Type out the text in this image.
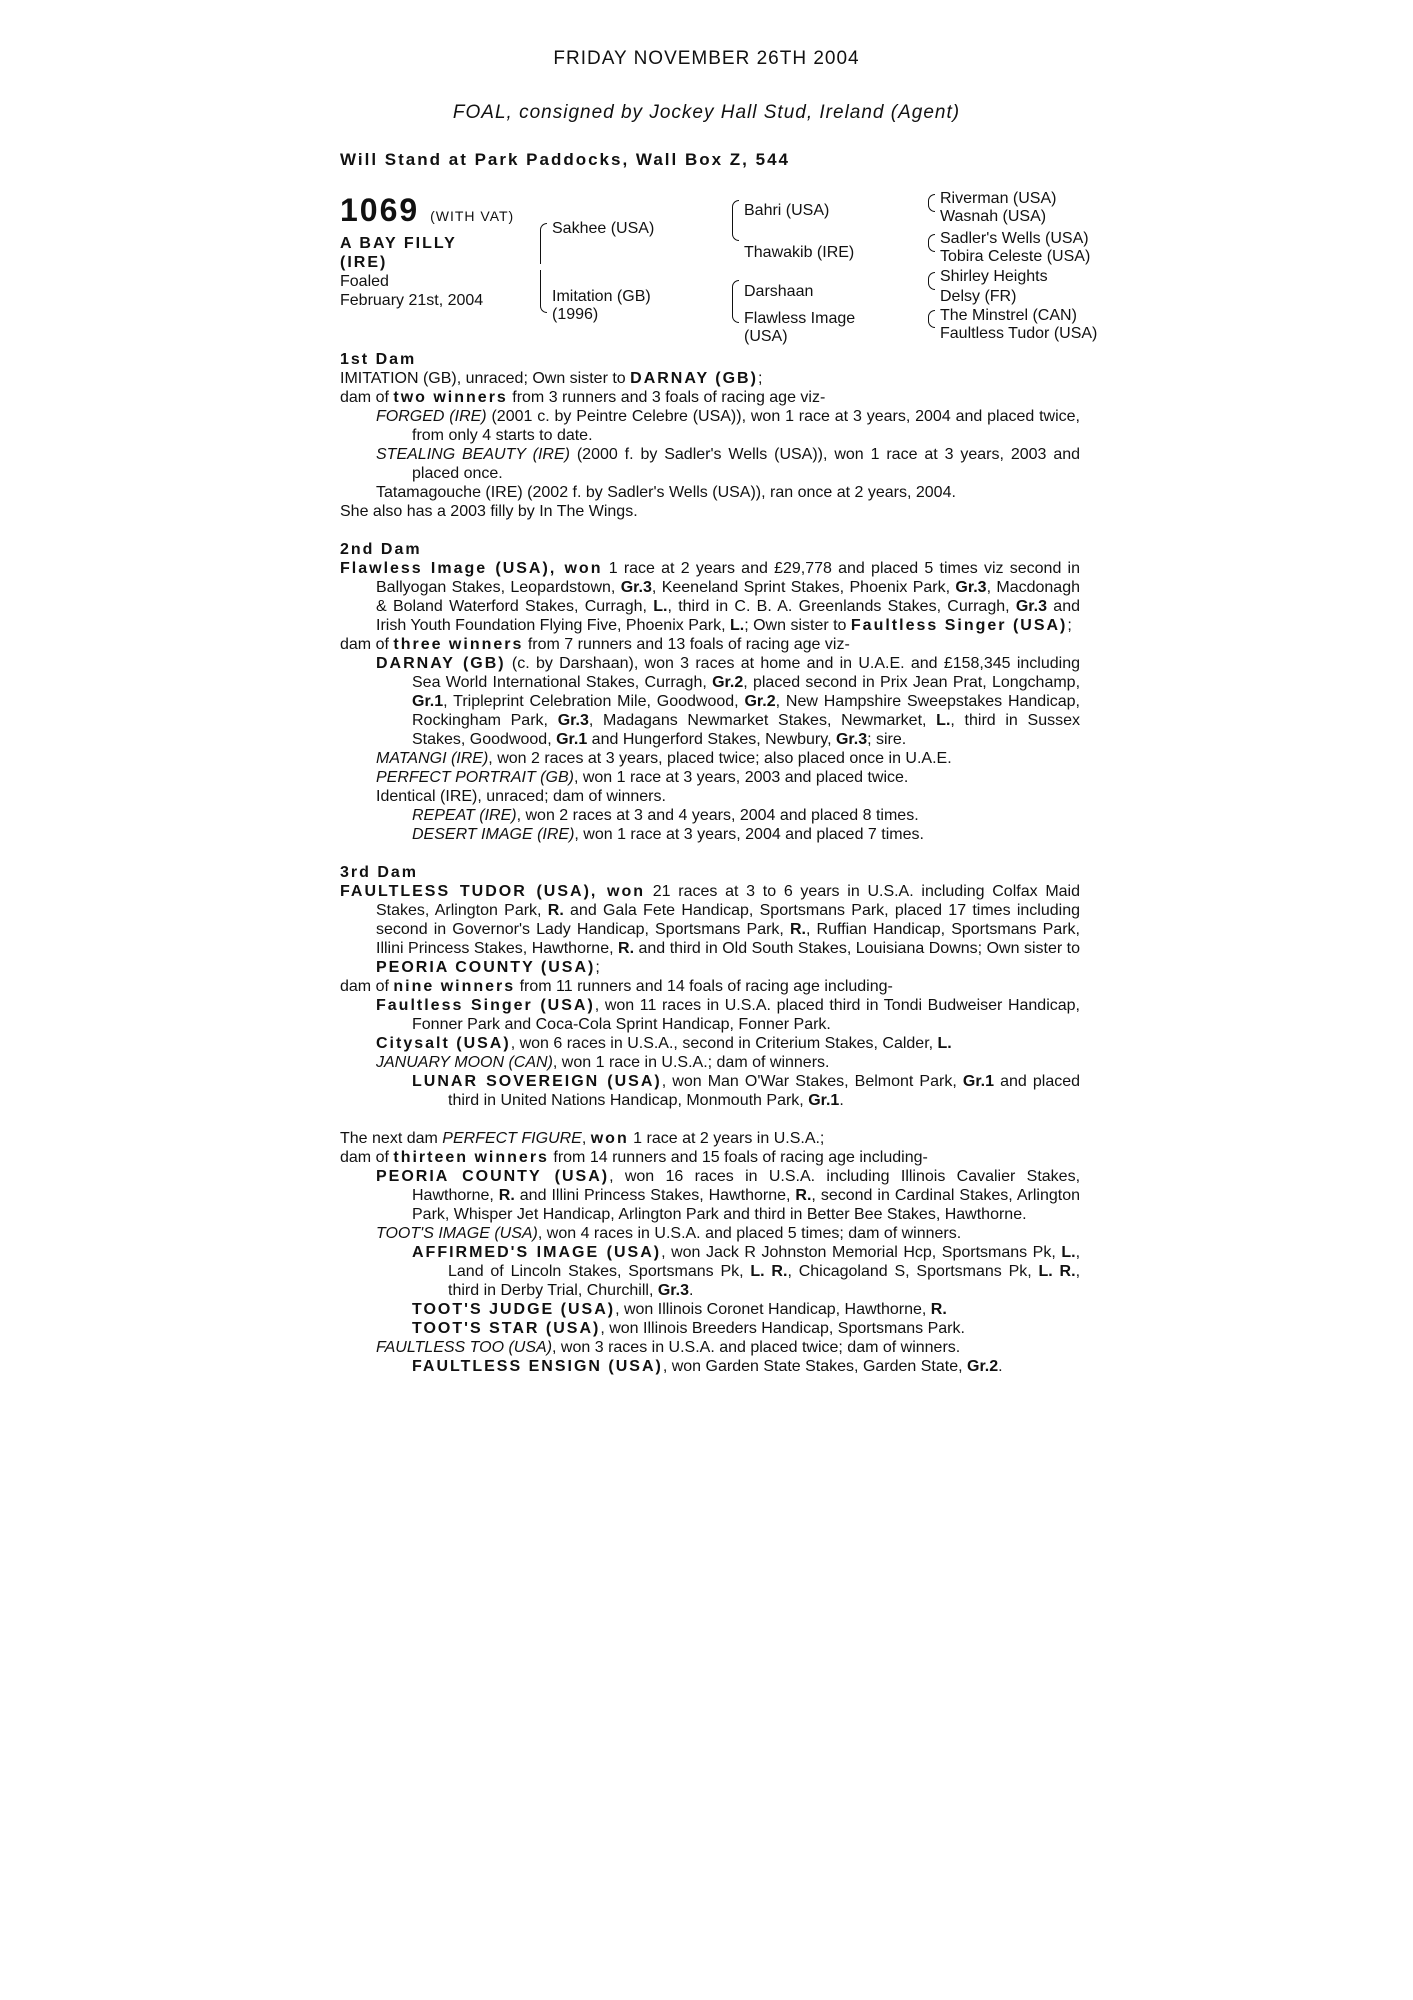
FRIDAY NOVEMBER 26TH 2004
FOAL, consigned by Jockey Hall Stud, Ireland (Agent)
Will Stand at Park Paddocks, Wall Box Z, 544
1069 (WITH VAT)
A BAY FILLY
(IRE)
Foaled
February 21st, 2004
Sakhee (USA)
Imitation (GB)
(1996)
Bahri (USA)
Thawakib (IRE)
Darshaan
Flawless Image
(USA)
Riverman (USA)
Wasnah (USA)
Sadler's Wells (USA)
Tobira Celeste (USA)
Shirley Heights
Delsy (FR)
The Minstrel (CAN)
Faultless Tudor (USA)

1st Dam

IMITATION (GB), unraced; Own sister to DARNAY (GB);

dam of two winners from 3 runners and 3 foals of racing age viz-

FORGED (IRE) (2001 c. by Peintre Celebre (USA)), won 1 race at 3 years, 2004 and placed twice, from only 4 starts to date.

STEALING BEAUTY (IRE) (2000 f. by Sadler's Wells (USA)), won 1 race at 3 years, 2003 and placed once.

Tatamagouche (IRE) (2002 f. by Sadler's Wells (USA)), ran once at 2 years, 2004.

She also has a 2003 filly by In The Wings.

2nd Dam

Flawless Image (USA), won 1 race at 2 years and £29,778 and placed 5 times viz second in Ballyogan Stakes, Leopardstown, Gr.3, Keeneland Sprint Stakes, Phoenix Park, Gr.3, Macdonagh & Boland Waterford Stakes, Curragh, L., third in C. B. A. Greenlands Stakes, Curragh, Gr.3 and Irish Youth Foundation Flying Five, Phoenix Park, L.; Own sister to Faultless Singer (USA);

dam of three winners from 7 runners and 13 foals of racing age viz-

DARNAY (GB) (c. by Darshaan), won 3 races at home and in U.A.E. and £158,345 including Sea World International Stakes, Curragh, Gr.2, placed second in Prix Jean Prat, Longchamp, Gr.1, Tripleprint Celebration Mile, Goodwood, Gr.2, New Hampshire Sweepstakes Handicap, Rockingham Park, Gr.3, Madagans Newmarket Stakes, Newmarket, L., third in Sussex Stakes, Goodwood, Gr.1 and Hungerford Stakes, Newbury, Gr.3; sire.

MATANGI (IRE), won 2 races at 3 years, placed twice; also placed once in U.A.E.

PERFECT PORTRAIT (GB), won 1 race at 3 years, 2003 and placed twice.

Identical (IRE), unraced; dam of winners.

REPEAT (IRE), won 2 races at 3 and 4 years, 2004 and placed 8 times.

DESERT IMAGE (IRE), won 1 race at 3 years, 2004 and placed 7 times.

3rd Dam

FAULTLESS TUDOR (USA), won 21 races at 3 to 6 years in U.S.A. including Colfax Maid Stakes, Arlington Park, R. and Gala Fete Handicap, Sportsmans Park, placed 17 times including second in Governor's Lady Handicap, Sportsmans Park, R., Ruffian Handicap, Sportsmans Park, Illini Princess Stakes, Hawthorne, R. and third in Old South Stakes, Louisiana Downs; Own sister to PEORIA COUNTY (USA);

dam of nine winners from 11 runners and 14 foals of racing age including-

Faultless Singer (USA), won 11 races in U.S.A. placed third in Tondi Budweiser Handicap, Fonner Park and Coca-Cola Sprint Handicap, Fonner Park.

Citysalt (USA), won 6 races in U.S.A., second in Criterium Stakes, Calder, L.

JANUARY MOON (CAN), won 1 race in U.S.A.; dam of winners.

LUNAR SOVEREIGN (USA), won Man O'War Stakes, Belmont Park, Gr.1 and placed third in United Nations Handicap, Monmouth Park, Gr.1.

The next dam PERFECT FIGURE, won 1 race at 2 years in U.S.A.;

dam of thirteen winners from 14 runners and 15 foals of racing age including-

PEORIA COUNTY (USA), won 16 races in U.S.A. including Illinois Cavalier Stakes, Hawthorne, R. and Illini Princess Stakes, Hawthorne, R., second in Cardinal Stakes, Arlington Park, Whisper Jet Handicap, Arlington Park and third in Better Bee Stakes, Hawthorne.

TOOT'S IMAGE (USA), won 4 races in U.S.A. and placed 5 times; dam of winners.

AFFIRMED'S IMAGE (USA), won Jack R Johnston Memorial Hcp, Sportsmans Pk, L., Land of Lincoln Stakes, Sportsmans Pk, L. R., Chicagoland S, Sportsmans Pk, L. R., third in Derby Trial, Churchill, Gr.3.

TOOT'S JUDGE (USA), won Illinois Coronet Handicap, Hawthorne, R.

TOOT'S STAR (USA), won Illinois Breeders Handicap, Sportsmans Park.

FAULTLESS TOO (USA), won 3 races in U.S.A. and placed twice; dam of winners.

FAULTLESS ENSIGN (USA), won Garden State Stakes, Garden State, Gr.2.
